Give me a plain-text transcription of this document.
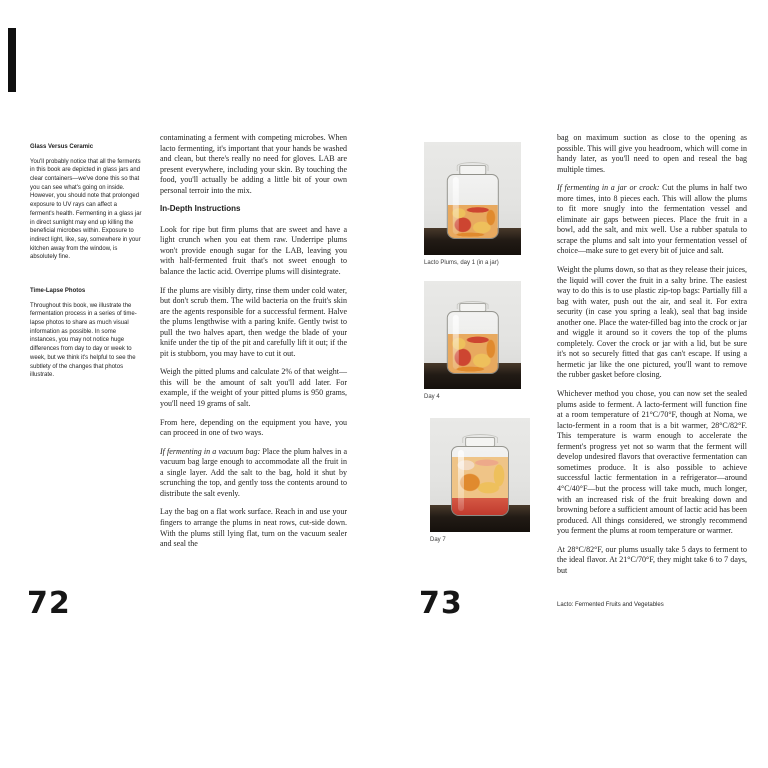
Glass Versus Ceramic
You'll probably notice that all the ferments in this book are depicted in glass jars and clear containers—we've done this so that you can see what's going on inside. However, you should note that prolonged exposure to UV rays can affect a ferment's health. Fermenting in a glass jar in direct sunlight may end up killing the beneficial microbes within. Exposure to indirect light, like, say, somewhere in your kitchen away from the window, is absolutely fine.
Time-Lapse Photos
Throughout this book, we illustrate the fermentation process in a series of time-lapse photos to share as much visual information as possible. In some instances, you may not notice huge differences from day to day or week to week, but we think it's helpful to see the subtlety of the changes that photos illustrate.

contaminating a ferment with competing microbes. When lacto fermenting, it's important that your hands be washed and clean, but there's really no need for gloves. LAB are present everywhere, including your skin. By touching the food, you'll actually be adding a little bit of your own personal terroir into the mix.

In-Depth Instructions

Look for ripe but firm plums that are sweet and have a light crunch when you eat them raw. Underripe plums won't provide enough sugar for the LAB, leaving you with half-fermented fruit that's not sweet enough to balance the lactic acid. Overripe plums will disintegrate.

If the plums are visibly dirty, rinse them under cold water, but don't scrub them. The wild bacteria on the fruit's skin are the agents responsible for a successful ferment. Halve the plums lengthwise with a paring knife. Gently twist to pull the two halves apart, then wedge the blade of your knife under the tip of the pit and carefully lift it out; if the pit is stubborn, you may have to cut it out.

Weigh the pitted plums and calculate 2% of that weight—this will be the amount of salt you'll add later. For example, if the weight of your pitted plums is 950 grams, you'll need 19 grams of salt.

From here, depending on the equipment you have, you can proceed in one of two ways.

If fermenting in a vacuum bag: Place the plum halves in a vacuum bag large enough to accommodate all the fruit in a single layer. Add the salt to the bag, hold it shut by scrunching the top, and gently toss the contents around to distribute the salt evenly.

Lay the bag on a flat work surface. Reach in and use your fingers to arrange the plums in neat rows, cut-side down. With the plums still lying flat, turn on the vacuum sealer and seal the

72
Lacto Plums, day 1 (in a jar)
Day 4
Day 7

bag on maximum suction as close to the opening as possible. This will give you headroom, which will come in handy later, as you'll need to open and reseal the bag multiple times.

If fermenting in a jar or crock: Cut the plums in half two more times, into 8 pieces each. This will allow the plums to fit more snugly into the fermentation vessel and eliminate air gaps between pieces. Place the fruit in a bowl, add the salt, and mix well. Use a rubber spatula to scrape the plums and salt into your fermentation vessel of choice—make sure to get every bit of juice and salt.

Weight the plums down, so that as they release their juices, the liquid will cover the fruit in a salty brine. The easiest way to do this is to use plastic zip-top bags: Partially fill a bag with water, push out the air, and seal it. For extra security (in case you spring a leak), seal that bag inside another one. Place the water-filled bag into the crock or jar and wiggle it around so it covers the top of the plums completely. Cover the crock or jar with a lid, but be sure it's not so securely fitted that gas can't escape. If using a hermetic jar like the one pictured, you'll want to remove the rubber gasket before closing.

Whichever method you chose, you can now set the sealed plums aside to ferment. A lacto-ferment will function fine at a room temperature of 21°C/70°F, though at Noma, we lacto-ferment in a room that is a bit warmer, 28°C/82°F. This temperature is warm enough to accelerate the ferment's progress yet not so warm that the ferment will develop undesired flavors that overactive fermentation can sometimes produce. It is also possible to achieve successful lactic fermentation in a refrigerator—around 4°C/40°F—but the process will take much, much longer, with an increased risk of the fruit breaking down and browning before a sufficient amount of lactic acid has been produced. All things considered, we strongly recommend you ferment the plums at room temperature or warmer.

At 28°C/82°F, our plums usually take 5 days to ferment to the ideal flavor. At 21°C/70°F, they might take 6 to 7 days, but

73	Lacto: Fermented Fruits and Vegetables
